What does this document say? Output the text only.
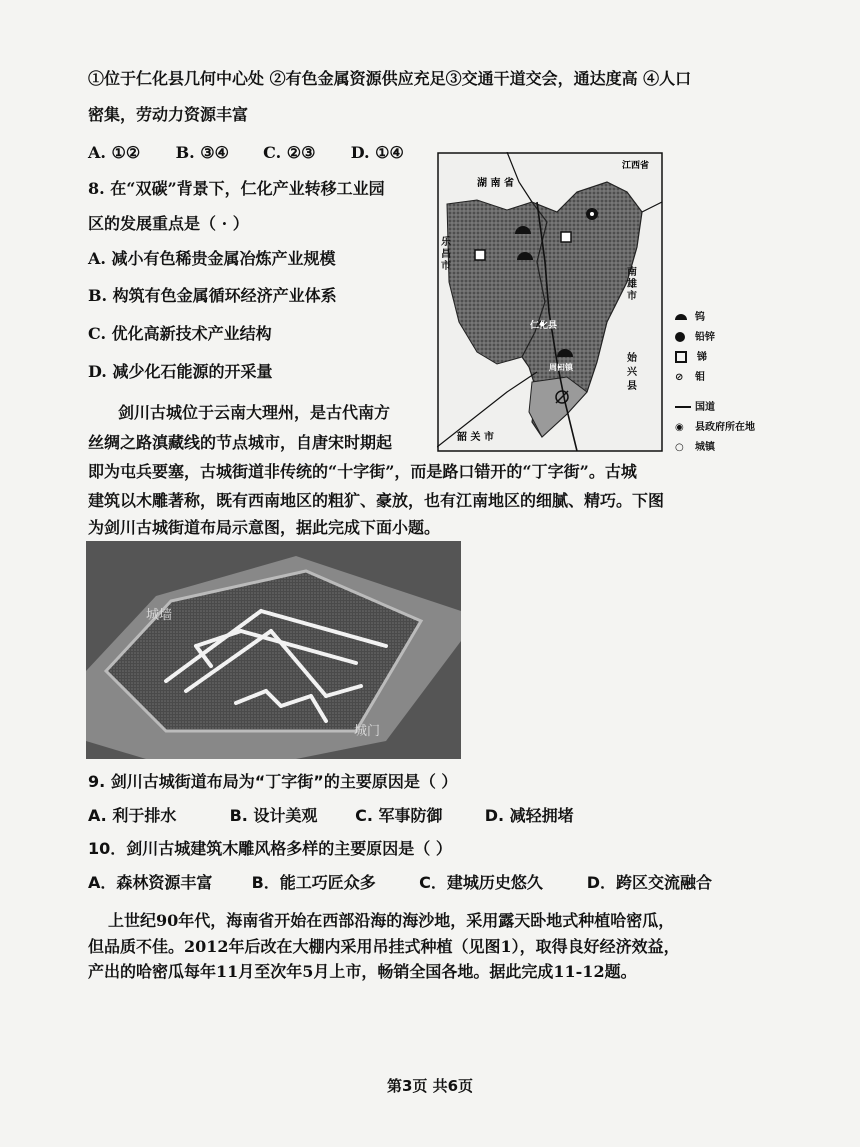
①位于仁化县几何中心处 ②有色金属资源供应充足③交通干道交会，通达度高 ④人口
密集，劳动力资源丰富
A. ①② B. ③④ C. ②③ D. ①④
8. 在“双碳”背景下，仁化产业转移工业园
区的发展重点是（ · ）
A. 减小有色稀贵金属冶炼产业规模
B. 构筑有色金属循环经济产业体系
C. 优化高新技术产业结构
D. 减少化石能源的开采量
湖 南 省
江西省
仁化县
周田镇
韶 关 市
乐昌市
南雄市
始 兴 县
钨
铅锌
锑
⊘ 钼
国道
◉ 县政府所在地
○ 城镇
剑川古城位于云南大理州，是古代南方
丝绸之路滇藏线的节点城市，自唐宋时期起
即为屯兵要塞，古城街道非传统的“十字街”，而是路口错开的“丁字街”。古城
建筑以木雕著称，既有西南地区的粗犷、豪放，也有江南地区的细腻、精巧。下图
为剑川古城街道布局示意图，据此完成下面小题。
城墙
城门
9. 剑川古城街道布局为“丁字街”的主要原因是（ ）
A. 利于排水	B. 设计美观 C. 军事防御	D. 减轻拥堵
10．剑川古城建筑木雕风格多样的主要原因是（ ）
A．森林资源丰富 B．能工巧匠众多	C．建城历史悠久	D．跨区交流融合
上世纪90年代，海南省开始在西部沿海的海沙地，采用露天卧地式种植哈密瓜，
但品质不佳。2012年后改在大棚内采用吊挂式种植（见图1），取得良好经济效益，
产出的哈密瓜每年11月至次年5月上市，畅销全国各地。据此完成11-12题。
第3页 共6页
